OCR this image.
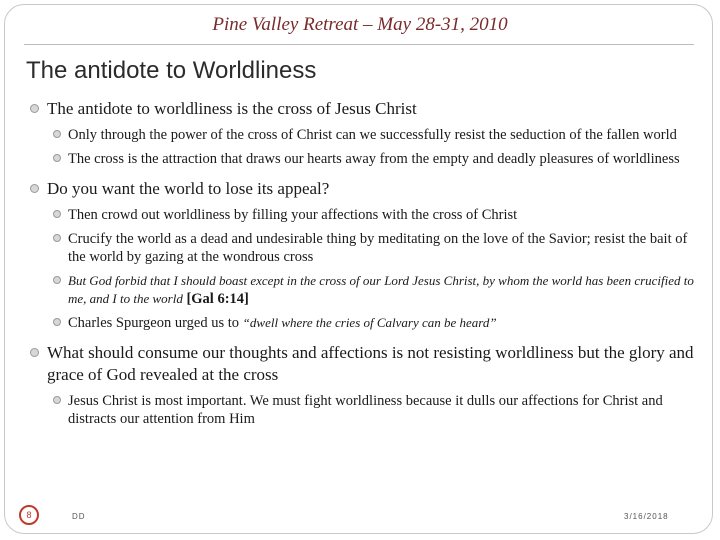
Pine Valley Retreat – May 28-31, 2010
The antidote to Worldliness
The antidote to worldliness is the cross of Jesus Christ
Only through the power of the cross of Christ can we successfully resist the seduction of the fallen world
The cross is the attraction that draws our hearts away from the empty and deadly pleasures of worldliness
Do you want the world to lose its appeal?
Then crowd out worldliness by filling your affections with the cross of Christ
Crucify the world as a dead and undesirable thing by meditating on the love of the Savior; resist the bait of the world by gazing at the wondrous cross
But God forbid that I should boast except in the cross of our Lord Jesus Christ, by whom the world has been crucified to me, and I to the world [Gal 6:14]
Charles Spurgeon urged us to “dwell where the cries of Calvary can be heard”
What should consume our thoughts and affections is not resisting worldliness but the glory and grace of God revealed at the cross
Jesus Christ is most important. We must fight worldliness because it dulls our affections for Christ and distracts our attention from Him
8	DD	3/16/2018
